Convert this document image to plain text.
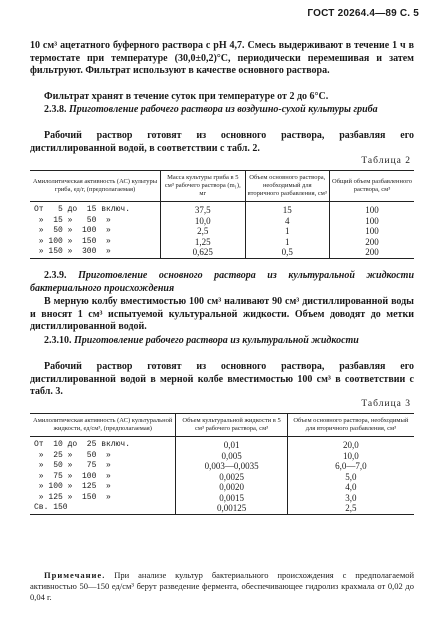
ГОСТ 20264.4—89 С. 5
10 см³ ацетатного буферного раствора с рН 4,7. Смесь выдерживают в течение 1 ч в термостате при температуре (30,0±0,2)°С, периодически перемешивая и затем фильтруют. Фильтрат используют в качестве основного раствора.
Фильтрат хранят в течение суток при температуре от 2 до 6°С.
2.3.8. Приготовление рабочего раствора из воздушно-сухой культуры гриба
Рабочий раствор готовят из основного раствора, разбавляя его дистиллированной водой, в соответствии с табл. 2.
Таблица 2
Амилолитическая активность (АС) культуры гриба, ед/г, (предполагаемая)	Масса культуры гриба в 5 см³ рабочего раствора (m₁), мг	Объем основного раствора, необходимый для вторичного разбавления, см³	Общий объем разбавленного раствора, см³
От   5 до  15 включ.	37,5	15	100
»  15 »   50  »	10,0	4	100
»  50 »  100  »	2,5	1	100
» 100 »  150  »	1,25	1	200
» 150 »  300  »	0,625	0,5	200
2.3.9. Приготовление основного раствора из культуральной жидкости бактериального происхождения
В мерную колбу вместимостью 100 см³ наливают 90 см³ дистиллированной воды и вносят 1 см³ испытуемой культуральной жидкости. Объем доводят до метки дистиллированной водой.
2.3.10. Приготовление рабочего раствора из культуральной жидкости
Рабочий раствор готовят из основного раствора, разбавляя его дистиллированной водой в мерной колбе вместимостью 100 см³ в соответствии с табл. 3.
Таблица 3
Амилолитическая активность (АС) культуральной жидкости, ед/см³, (предполагаемая)	Объем культуральной жидкости в 5 см³ рабочего раствора, см³	Объем основного раствора, необходимый для вторичного разбавления, см³
От  10 до  25 включ.	0,01	20,0
»  25 »   50  »	0,005	10,0
»  50 »   75  »	0,003—0,0035	6,0—7,0
»  75 »  100  »	0,0025	5,0
» 100 »  125  »	0,0020	4,0
» 125 »  150  »	0,0015	3,0
Св. 150	0,00125	2,5
Примечание. При анализе культур бактериального происхождения с предполагаемой активностью 50—150 ед/см³ берут разведение фермента, обеспечивающее гидролиз крахмала от 0,02 до 0,04 г.
